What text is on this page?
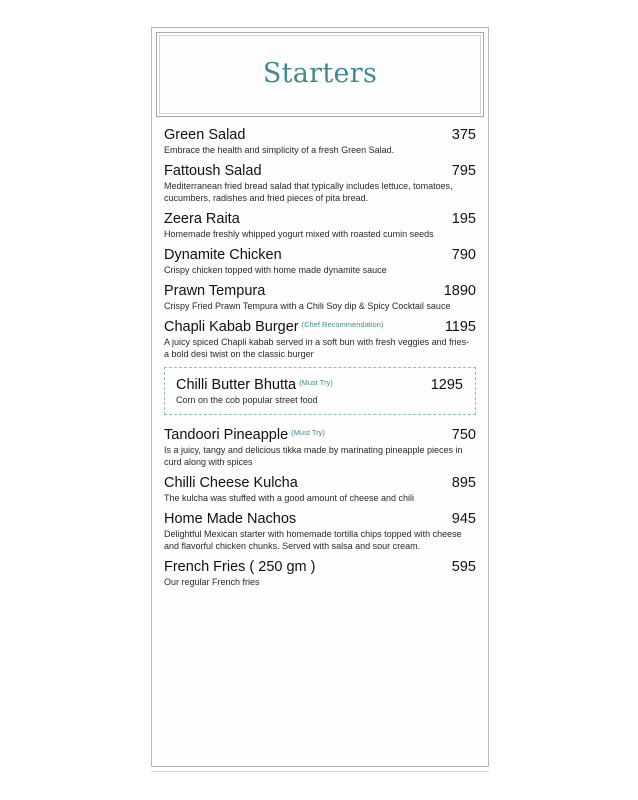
Starters
Green Salad	375
Embrace the health and simplicity of a fresh Green Salad.
Fattoush Salad	795
Mediterranean fried bread salad that typically includes lettuce, tomatoes, cucumbers, radishes and fried pieces of pita bread.
Zeera Raita	195
Homemade freshly whipped yogurt mixed with roasted cumin seeds
Dynamite Chicken	790
Crispy chicken topped with home made dynamite sauce
Prawn Tempura	1890
Crispy Fried Prawn Tempura with a Chili Soy dip & Spicy Cocktail sauce
Chapli Kabab Burger $^{(Chef Recommendation)}$	1195
A juicy spiced Chapli kabab served in a soft bun with fresh veggies and fries-a bold desi twist on the classic burger
Chilli Butter Bhutta $^{(Must Try)}$	1295
Corn on the cob popular street food
Tandoori Pineapple $^{(Must Try)}$	750
Is a juicy, tangy and delicious tikka made by marinating pineapple pieces in curd along with spices
Chilli Cheese Kulcha	895
The kulcha was stuffed with a good amount of cheese and chili
Home Made Nachos	945
Delightful Mexican starter with homemade tortilla chips topped with cheese and flavorful chicken chunks. Served with salsa and sour cream.
French Fries ( 250 gm )	595
Our regular French fries
